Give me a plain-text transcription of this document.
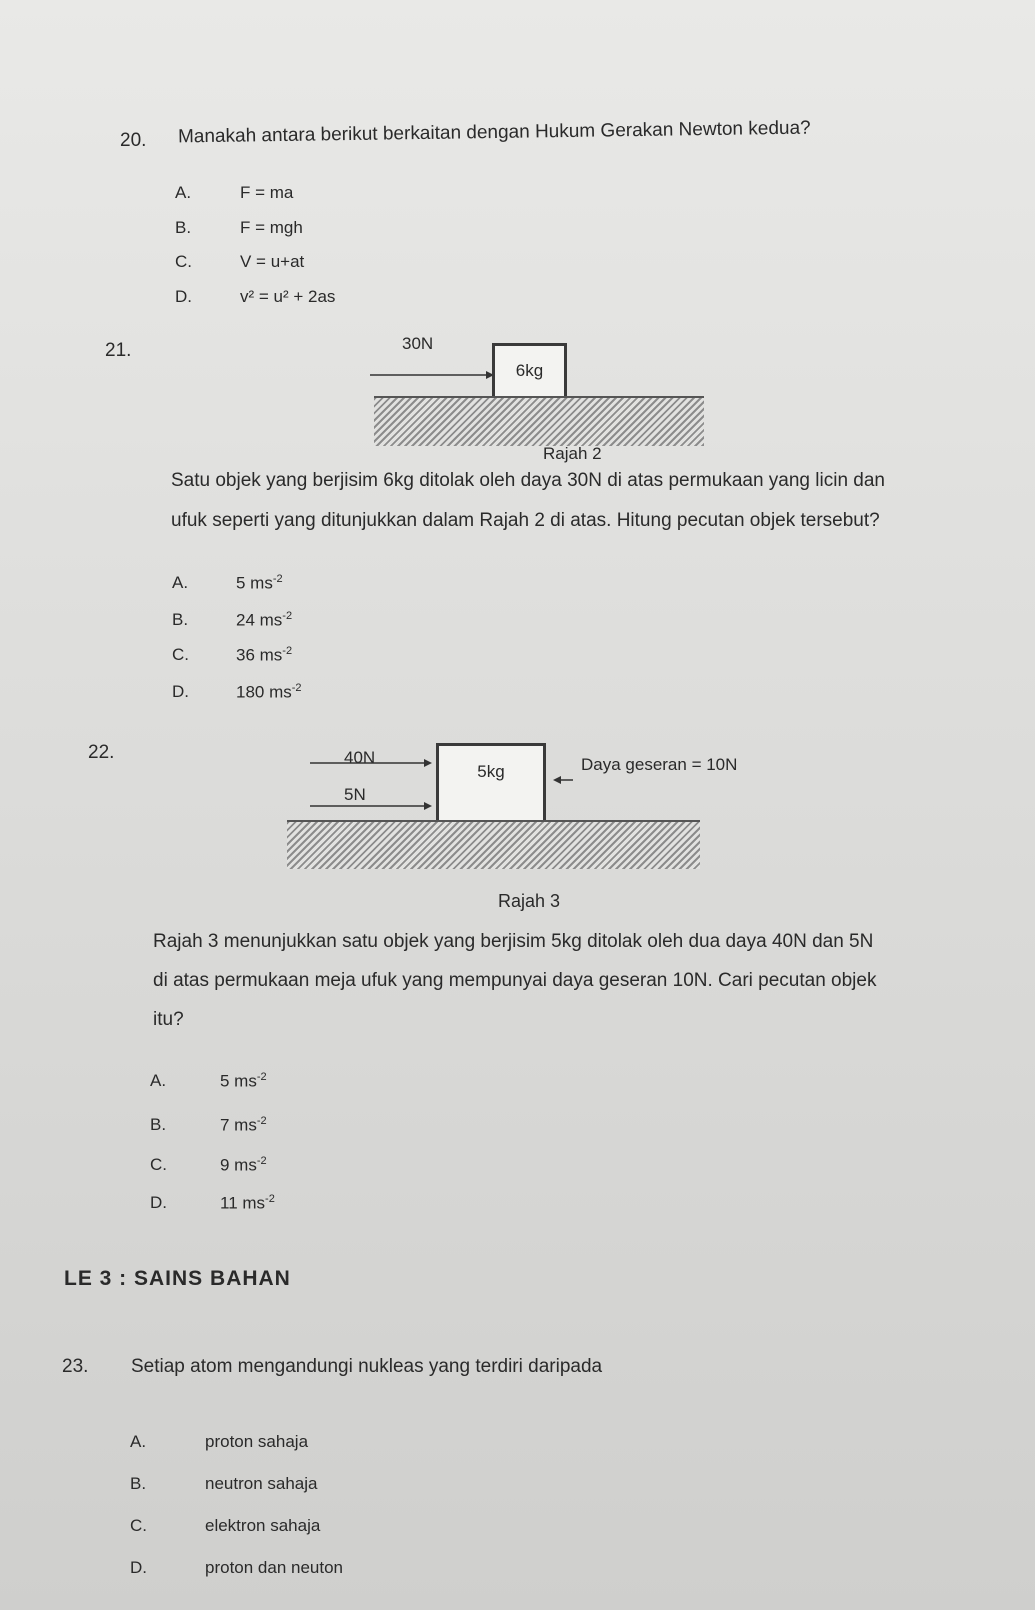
20. Manakah antara berikut berkaitan dengan Hukum Gerakan Newton kedua?
A.	F = ma
B.	F = mgh
C.	V = u+at
D.	v² = u² + 2as
21.	30N
6kg
Rajah 2
Satu objek yang berjisim 6kg ditolak oleh daya 30N di atas permukaan yang licin dan
ufuk seperti yang ditunjukkan dalam Rajah 2 di atas. Hitung pecutan objek tersebut?
A.	5 $ms^{-2}$
B.	24 $ms^{-2}$
C.	36 $ms^{-2}$
D.	180 $ms^{-2}$
22.	40N
5N
5kg	Daya geseran = 10N
Rajah 3
Rajah 3 menunjukkan satu objek yang berjisim 5kg ditolak oleh dua daya 40N dan 5N
di atas permukaan meja ufuk yang mempunyai daya geseran 10N. Cari pecutan objek
itu?
A.	5 $ms^{-2}$
B.	7 $ms^{-2}$
C.	9 $ms^{-2}$
D.	11 $ms^{-2}$
LE 3 : SAINS BAHAN
23. Setiap atom mengandungi nukleas yang terdiri daripada
A.	proton sahaja
B.	neutron sahaja
C.	elektron sahaja
D.	proton dan neuton
